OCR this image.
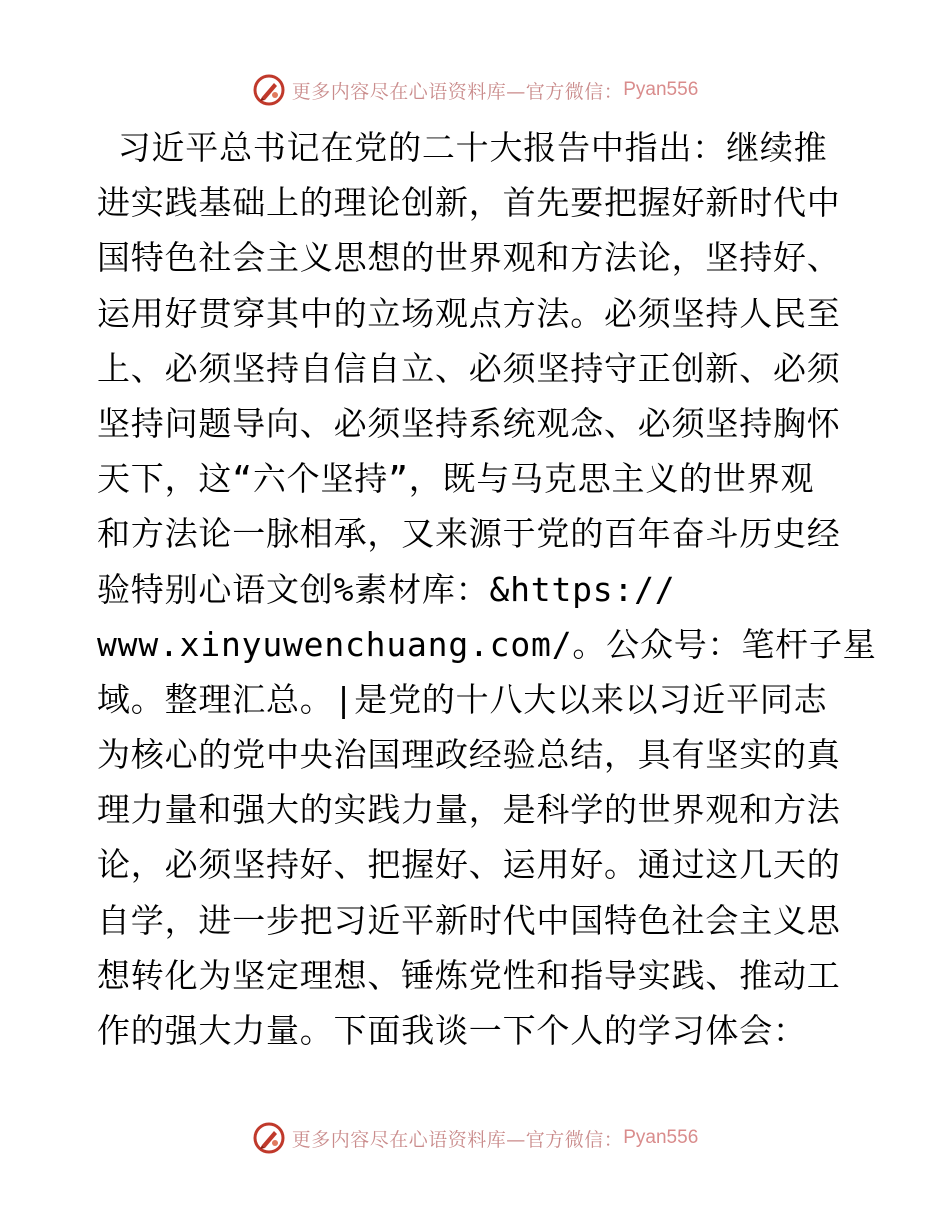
更多内容尽在心语资料库—官方微信： Pyan556
习近平总书记在党的二十大报告中指出：继续推
进实践基础上的理论创新，首先要把握好新时代中
国特色社会主义思想的世界观和方法论，坚持好、
运用好贯穿其中的立场观点方法。必须坚持人民至
上、必须坚持自信自立、必须坚持守正创新、必须
坚持问题导向、必须坚持系统观念、必须坚持胸怀
天下，这“六个坚持”，既与马克思主义的世界观
和方法论一脉相承，又来源于党的百年奋斗历史经
验特别心语文创%素材库：&https://
www.xinyuwenchuang.com/。公众号：笔杆子星
域。整理汇总。|是党的十八大以来以习近平同志
为核心的党中央治国理政经验总结，具有坚实的真
理力量和强大的实践力量，是科学的世界观和方法
论，必须坚持好、把握好、运用好。通过这几天的
自学，进一步把习近平新时代中国特色社会主义思
想转化为坚定理想、锤炼党性和指导实践、推动工
作的强大力量。下面我谈一下个人的学习体会：
更多内容尽在心语资料库—官方微信： Pyan556
